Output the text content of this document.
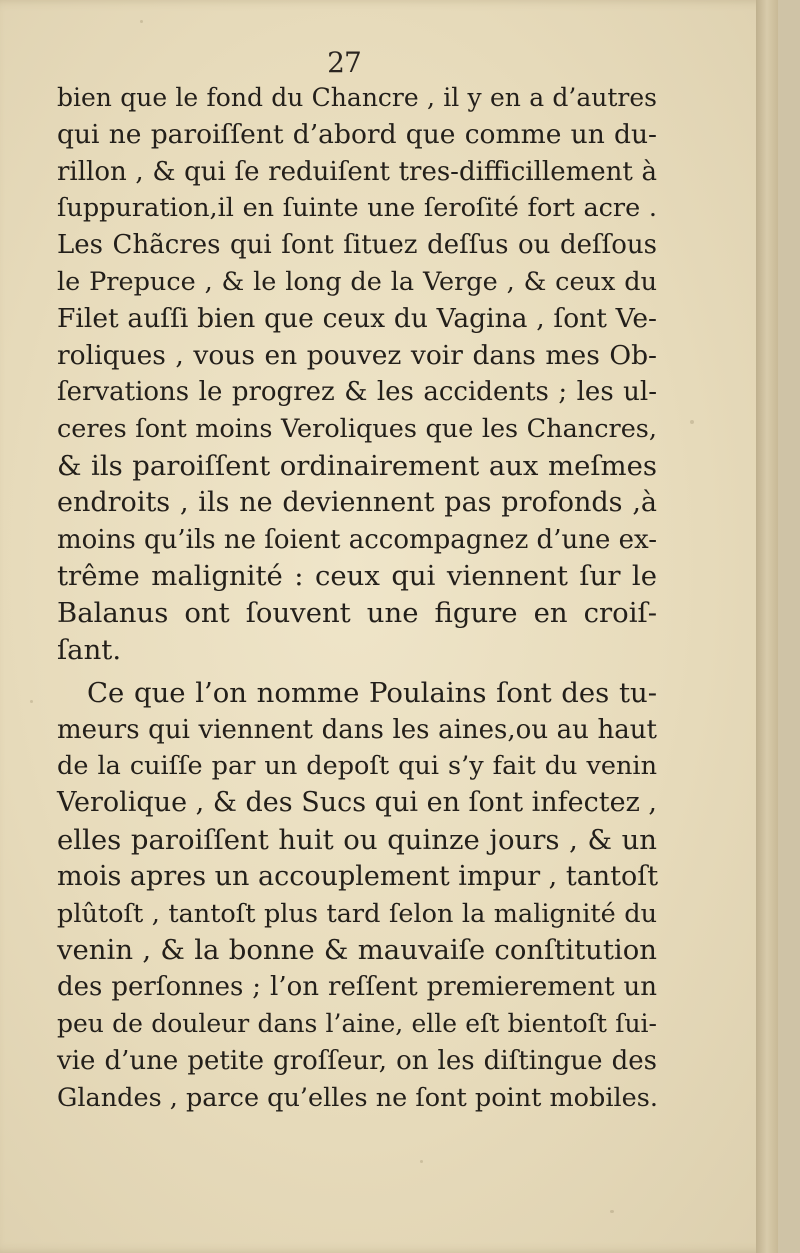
27
bien que le fond du Chancre , il y en a d’autres
qui ne paroiſſent d’abord que comme un du-
rillon , & qui ſe reduiſent tres-difficillement à
ſuppuration,il en ſuinte une ſeroſité fort acre .
Les Chãcres qui ſont ſituez deſſus ou deſſous
le Prepuce , & le long de la Verge , & ceux du
Filet auſſi bien que ceux du Vagina , ſont Ve-
roliques , vous en pouvez voir dans mes Ob-
ſervations le progrez & les accidents ; les ul-
ceres ſont moins Veroliques que les Chancres,
& ils paroiſſent ordinairement aux meſmes
endroits , ils ne deviennent pas profonds ,à
moins qu’ils ne ſoient accompagnez d’une ex-
trême malignité : ceux qui viennent ſur le
Balanus ont ſouvent une figure en croiſ-
ſant.
Ce que l’on nomme Poulains ſont des tu-
meurs qui viennent dans les aines,ou au haut
de la cuiſſe par un depoſt qui s’y fait du venin
Verolique , & des Sucs qui en ſont infectez ,
elles paroiſſent huit ou quinze jours , & un
mois apres un accouplement impur , tantoſt
plûtoſt , tantoſt plus tard ſelon la malignité du
venin , & la bonne & mauvaiſe conſtitution
des perſonnes ; l’on reſſent premierement un
peu de douleur dans l’aine, elle eſt bientoſt ſui-
vie d’une petite groſſeur, on les diſtingue des
Glandes , parce qu’elles ne ſont point mobiles.
